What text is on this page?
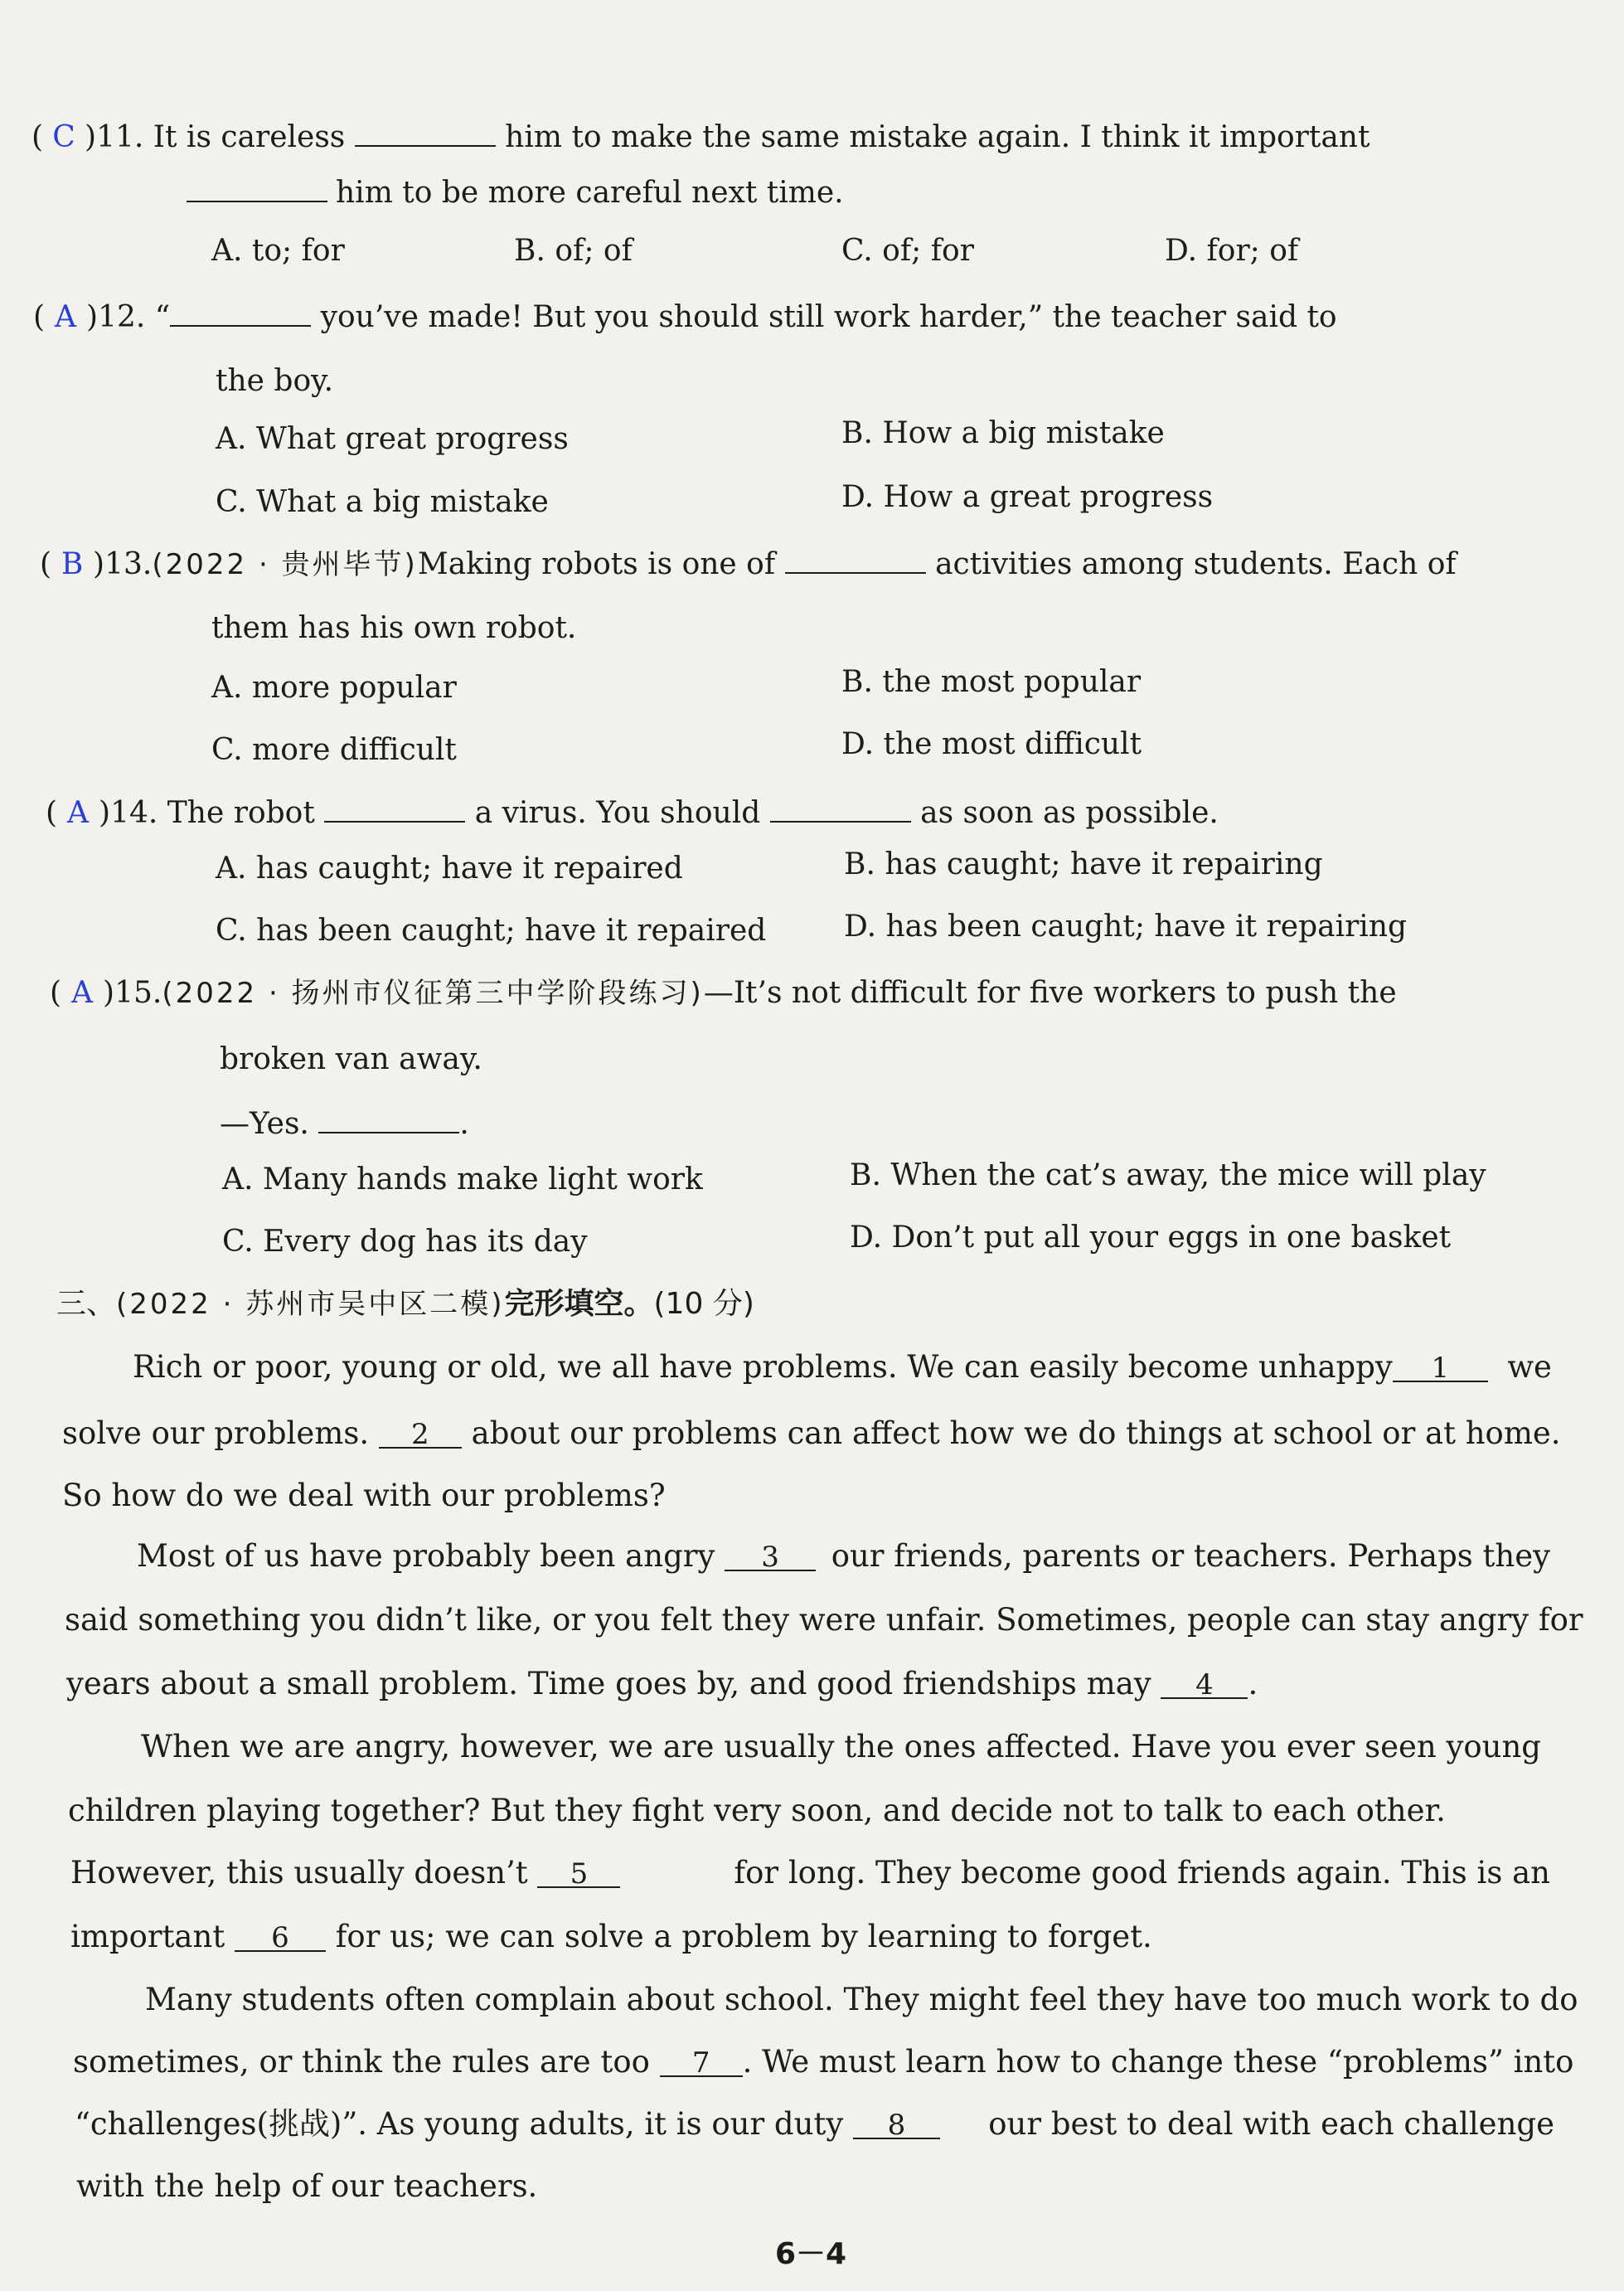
( C )11. It is careless	him to make the same mistake again. I think it important
him to be more careful next time.
A. to; for	B. of; of	C. of; for	D. for; of
( A )12. “	you’ve made! But you should still work harder,” the teacher said to
the boy.
A. What great progress	B. How a big mistake
C. What a big mistake	D. How a great progress
( B )13.(2022 · 贵州毕节)Making robots is one of	activities among students. Each of
them has his own robot.
A. more popular	B. the most popular
C. more difficult	D. the most difficult
( A )14. The robot	a virus. You should	as soon as possible.
A. has caught; have it repaired	B. has caught; have it repairing
C. has been caught; have it repaired	D. has been caught; have it repairing
( A )15.(2022 · 扬州市仪征第三中学阶段练习)—It’s not difficult for five workers to push the
broken van away.
—Yes.	.
A. Many hands make light work	B. When the cat’s away, the mice will play
C. Every dog has its day	D. Don’t put all your eggs in one basket
三、(2022 · 苏州市吴中区二模)完形填空。(10 分)
Rich or poor, young or old, we all have problems. We can easily become unhappy	1 we
solve our problems. 2 about our problems can affect how we do things at school or at home.
So how do we deal with our problems?
Most of us have probably been angry 3	our friends, parents or teachers. Perhaps they
said something you didn’t like, or you felt they were unfair. Sometimes, people can stay angry for
years about a small problem. Time goes by, and good friendships may 4 .
When we are angry, however, we are usually the ones affected. Have you ever seen young
children playing together? But they fight very soon, and decide not to talk to each other.
However, this usually doesn’t 5	for long. They become good friends again. This is an
important 6 for us; we can solve a problem by learning to forget.
Many students often complain about school. They might feel they have too much work to do
sometimes, or think the rules are too 7 . We must learn how to change these “problems” into
“challenges(挑战)”. As young adults, it is our duty 8	our best to deal with each challenge
with the help of our teachers.
6－4
